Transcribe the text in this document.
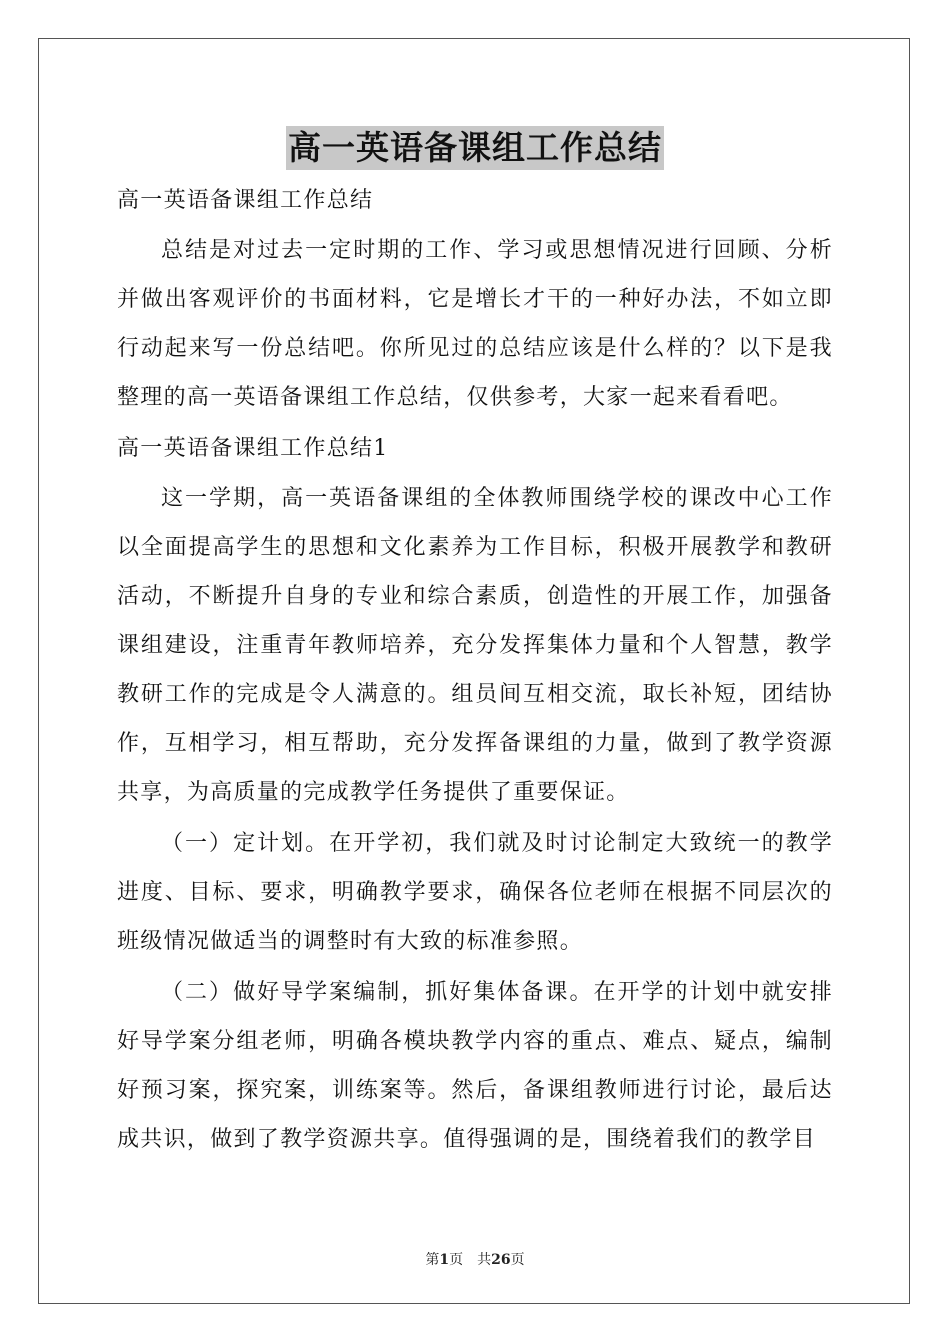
高一英语备课组工作总结

高一英语备课组工作总结

总结是对过去一定时期的工作、学习或思想情况进行回顾、分析并做出客观评价的书面材料，它是增长才干的一种好办法，不如立即行动起来写一份总结吧。你所见过的总结应该是什么样的？以下是我整理的高一英语备课组工作总结，仅供参考，大家一起来看看吧。

高一英语备课组工作总结1

这一学期，高一英语备课组的全体教师围绕学校的课改中心工作以全面提高学生的思想和文化素养为工作目标，积极开展教学和教研活动，不断提升自身的专业和综合素质，创造性的开展工作，加强备课组建设，注重青年教师培养，充分发挥集体力量和个人智慧，教学教研工作的完成是令人满意的。组员间互相交流，取长补短，团结协作，互相学习，相互帮助，充分发挥备课组的力量，做到了教学资源共享，为高质量的完成教学任务提供了重要保证。

（一）定计划。在开学初，我们就及时讨论制定大致统一的教学进度、目标、要求，明确教学要求，确保各位老师在根据不同层次的班级情况做适当的调整时有大致的标准参照。

（二）做好导学案编制，抓好集体备课。在开学的计划中就安排好导学案分组老师，明确各模块教学内容的重点、难点、疑点，编制好预习案，探究案，训练案等。然后，备课组教师进行讨论，最后达成共识，做到了教学资源共享。值得强调的是，围绕着我们的教学目

第1页　共26页
